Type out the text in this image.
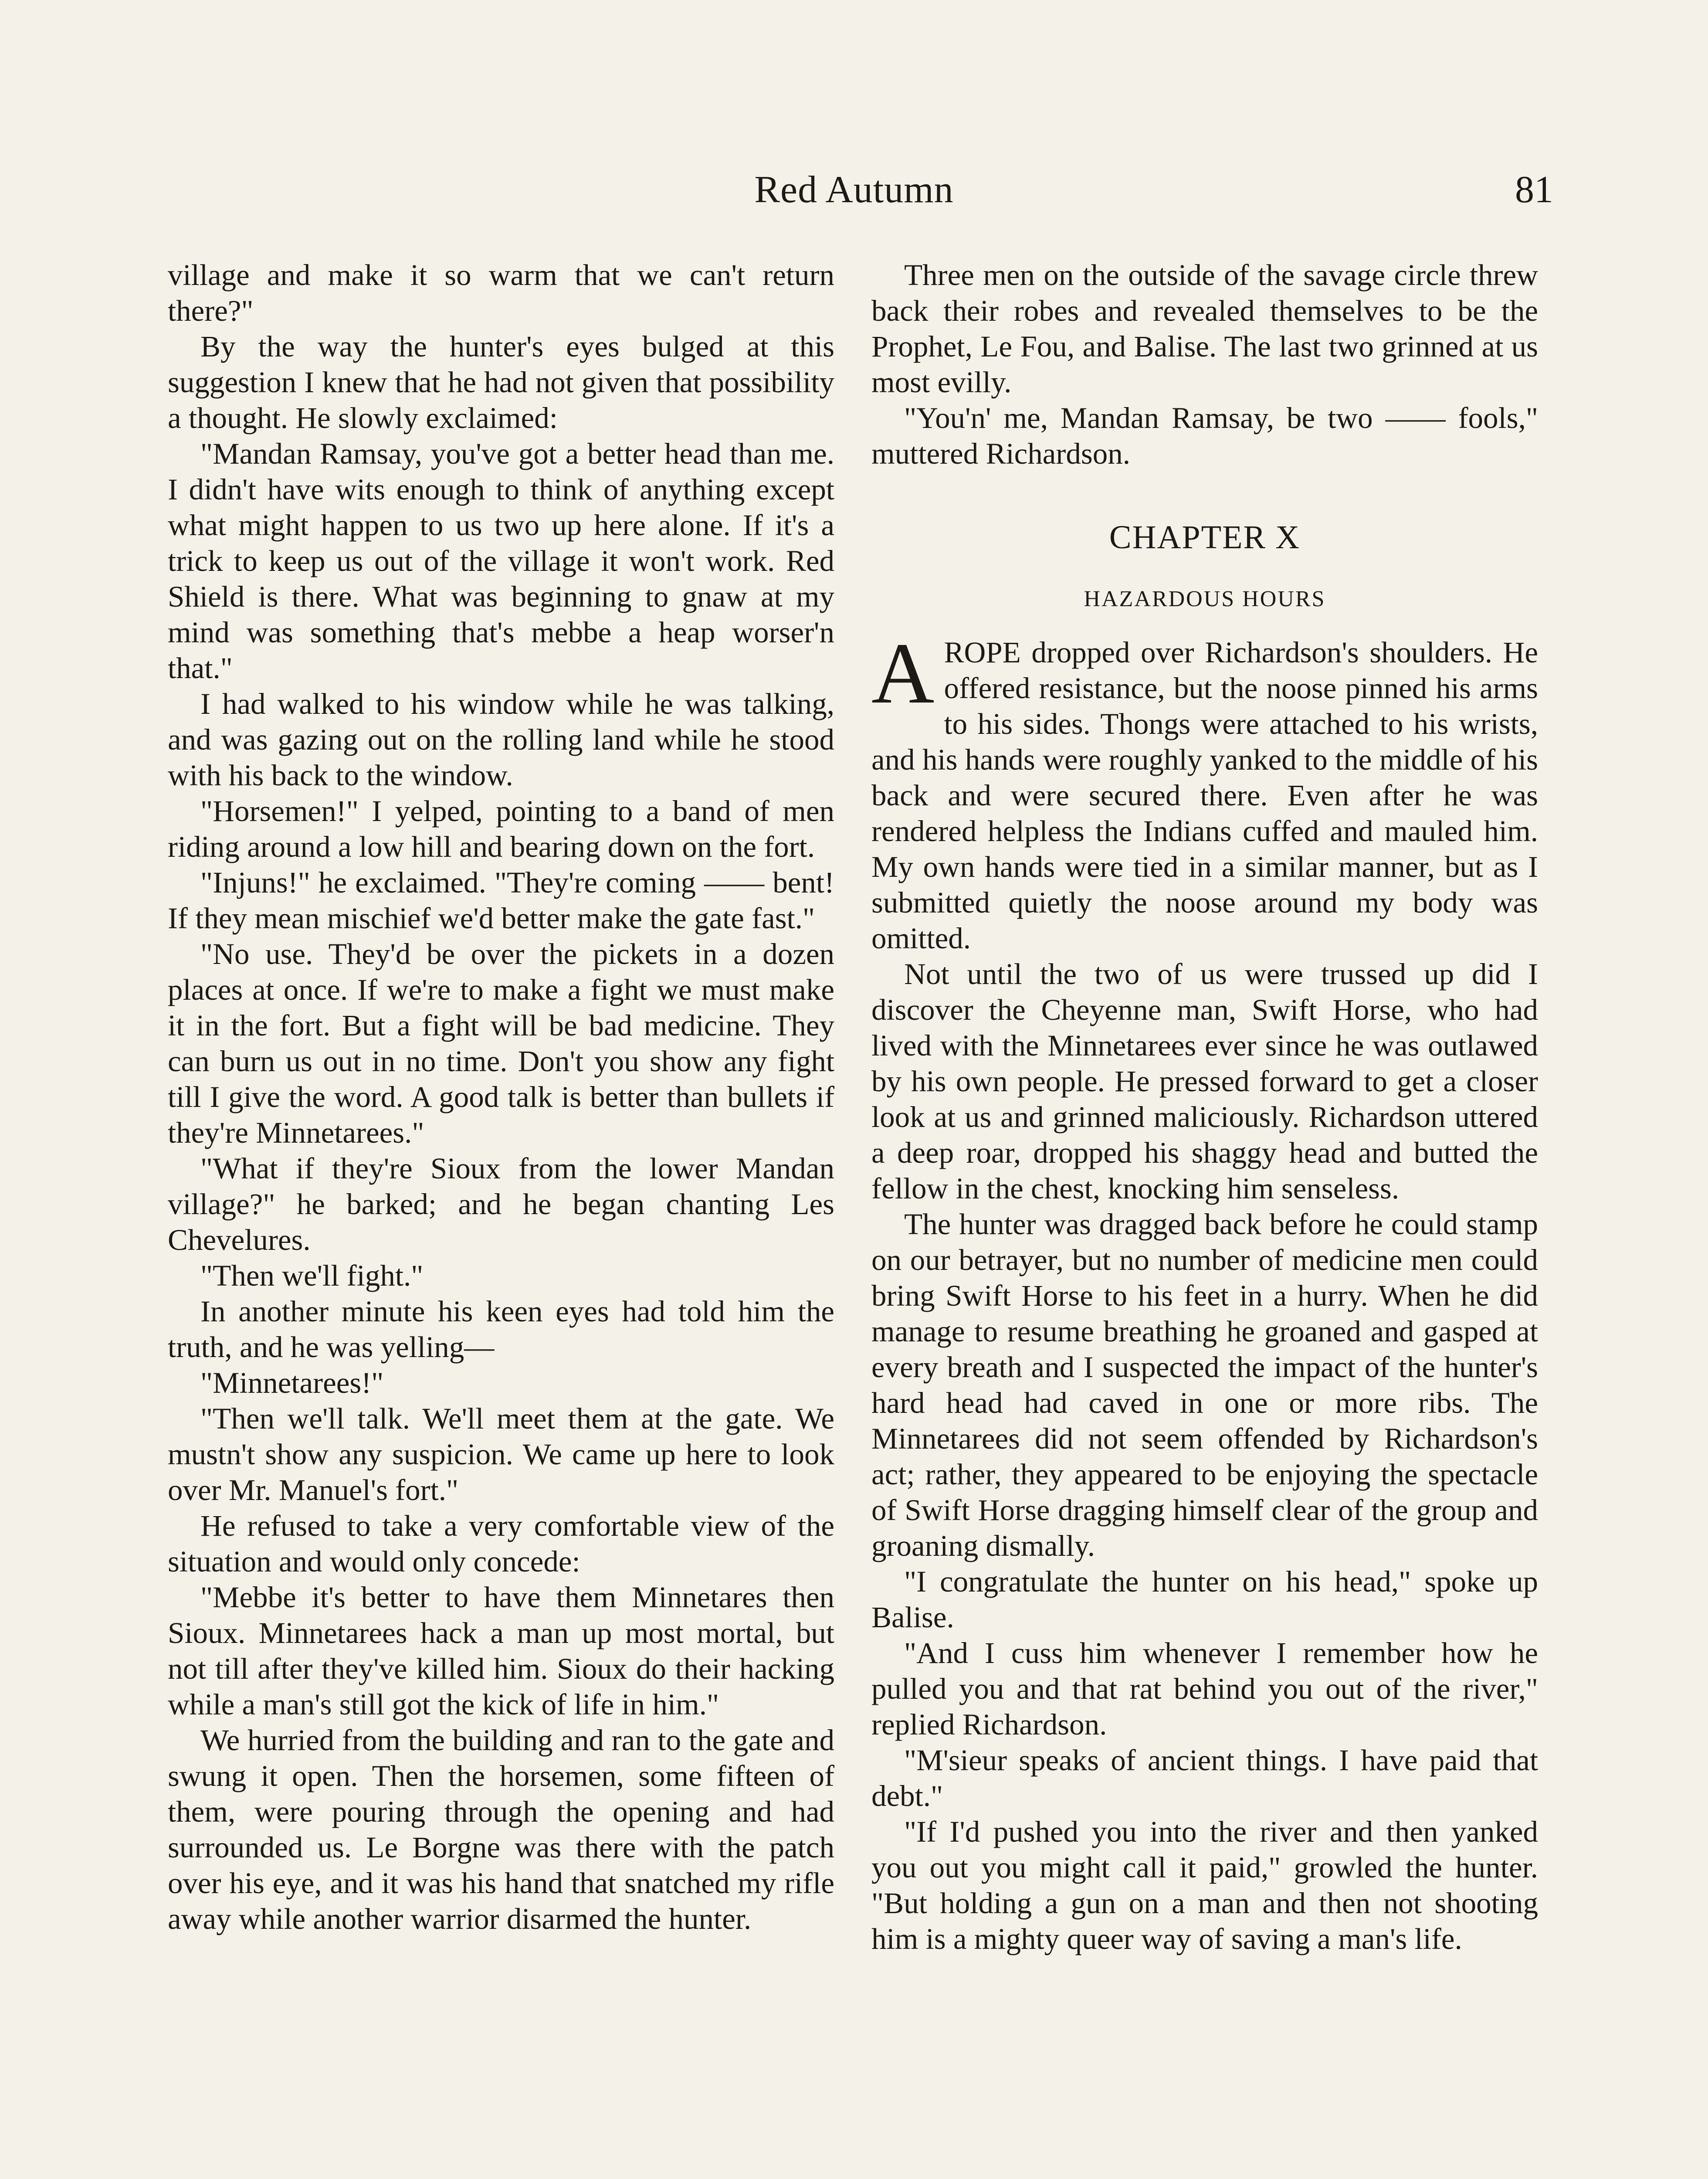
Red Autumn	81

village and make it so warm that we can't return there?"

By the way the hunter's eyes bulged at this suggestion I knew that he had not given that possibility a thought. He slowly exclaimed:

"Mandan Ramsay, you've got a better head than me. I didn't have wits enough to think of anything except what might happen to us two up here alone. If it's a trick to keep us out of the village it won't work. Red Shield is there. What was beginning to gnaw at my mind was something that's mebbe a heap worser'n that."

I had walked to his window while he was talking, and was gazing out on the rolling land while he stood with his back to the window.

"Horsemen!" I yelped, pointing to a band of men riding around a low hill and bearing down on the fort.

"Injuns!" he exclaimed. "They're coming —— bent! If they mean mischief we'd better make the gate fast."

"No use. They'd be over the pickets in a dozen places at once. If we're to make a fight we must make it in the fort. But a fight will be bad medicine. They can burn us out in no time. Don't you show any fight till I give the word. A good talk is better than bullets if they're Minnetarees."

"What if they're Sioux from the lower Mandan village?" he barked; and he began chanting Les Chevelures.

"Then we'll fight."

In another minute his keen eyes had told him the truth, and he was yelling—

"Minnetarees!"

"Then we'll talk. We'll meet them at the gate. We mustn't show any suspicion. We came up here to look over Mr. Manuel's fort."

He refused to take a very comfortable view of the situation and would only concede:

"Mebbe it's better to have them Minnetares then Sioux. Minnetarees hack a man up most mortal, but not till after they've killed him. Sioux do their hacking while a man's still got the kick of life in him."

We hurried from the building and ran to the gate and swung it open. Then the horsemen, some fifteen of them, were pouring through the opening and had surrounded us. Le Borgne was there with the patch over his eye, and it was his hand that snatched my rifle away while another warrior disarmed the hunter.

Three men on the outside of the savage circle threw back their robes and revealed themselves to be the Prophet, Le Fou, and Balise. The last two grinned at us most evilly.

"You'n' me, Mandan Ramsay, be two —— fools," muttered Richardson.

CHAPTER X
HAZARDOUS HOURS

A ROPE dropped over Richardson's shoulders. He offered resistance, but the noose pinned his arms to his sides. Thongs were attached to his wrists, and his hands were roughly yanked to the middle of his back and were secured there. Even after he was rendered helpless the Indians cuffed and mauled him. My own hands were tied in a similar manner, but as I submitted quietly the noose around my body was omitted.

Not until the two of us were trussed up did I discover the Cheyenne man, Swift Horse, who had lived with the Minnetarees ever since he was outlawed by his own people. He pressed forward to get a closer look at us and grinned maliciously. Richardson uttered a deep roar, dropped his shaggy head and butted the fellow in the chest, knocking him senseless.

The hunter was dragged back before he could stamp on our betrayer, but no number of medicine men could bring Swift Horse to his feet in a hurry. When he did manage to resume breathing he groaned and gasped at every breath and I suspected the impact of the hunter's hard head had caved in one or more ribs. The Minnetarees did not seem offended by Richardson's act; rather, they appeared to be enjoying the spectacle of Swift Horse dragging himself clear of the group and groaning dismally.

"I congratulate the hunter on his head," spoke up Balise.

"And I cuss him whenever I remember how he pulled you and that rat behind you out of the river," replied Richardson.

"M'sieur speaks of ancient things. I have paid that debt."

"If I'd pushed you into the river and then yanked you out you might call it paid," growled the hunter. "But holding a gun on a man and then not shooting him is a mighty queer way of saving a man's life.
